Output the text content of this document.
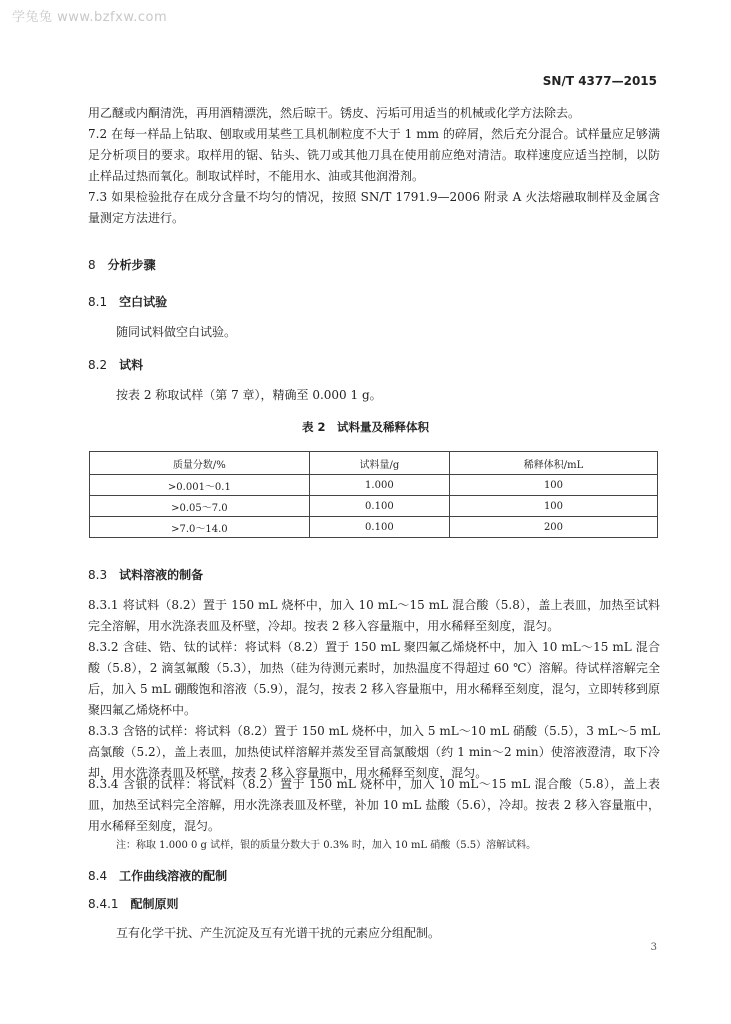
学兔兔 www.bzfxw.com
SN/T 4377—2015

用乙醚或内酮清洗，再用酒精漂洗，然后晾干。锈皮、污垢可用适当的机械或化学方法除去。

7.2 在每一样品上钻取、刨取或用某些工具机制粒度不大于 1 mm 的碎屑，然后充分混合。试样量应足够满足分析项目的要求。取样用的锯、钻头、铣刀或其他刀具在使用前应绝对清洁。取样速度应适当控制，以防止样品过热而氧化。制取试样时，不能用水、油或其他润滑剂。

7.3 如果检验批存在成分含量不均匀的情况，按照 SN/T 1791.9—2006 附录 A 火法熔融取制样及金属含量测定方法进行。

8 分析步骤
8.1 空白试验
随同试料做空白试验。
8.2 试料
按表 2 称取试样（第 7 章），精确至 0.000 1 g。
表 2　试料量及稀释体积
质量分数/%	试料量/g	稀释体积/mL
>0.001～0.1	1.000	100
>0.05～7.0	0.100	100
>7.0～14.0	0.100	200
8.3 试料溶液的制备

8.3.1 将试料（8.2）置于 150 mL 烧杯中，加入 10 mL～15 mL 混合酸（5.8），盖上表皿，加热至试料完全溶解，用水洗涤表皿及杯壁，冷却。按表 2 移入容量瓶中，用水稀释至刻度，混匀。

8.3.2 含硅、锆、钛的试样：将试料（8.2）置于 150 mL 聚四氟乙烯烧杯中，加入 10 mL～15 mL 混合酸（5.8），2 滴氢氟酸（5.3），加热（硅为待测元素时，加热温度不得超过 60 ℃）溶解。待试样溶解完全后，加入 5 mL 硼酸饱和溶液（5.9），混匀，按表 2 移入容量瓶中，用水稀释至刻度，混匀，立即转移到原聚四氟乙烯烧杯中。

8.3.3 含铬的试样：将试料（8.2）置于 150 mL 烧杯中，加入 5 mL～10 mL 硝酸（5.5），3 mL～5 mL 高氯酸（5.2），盖上表皿，加热使试样溶解并蒸发至冒高氯酸烟（约 1 min～2 min）使溶液澄清，取下冷却，用水洗涤表皿及杯壁，按表 2 移入容量瓶中，用水稀释至刻度，混匀。

8.3.4 含银的试样：将试料（8.2）置于 150 mL 烧杯中，加入 10 mL～15 mL 混合酸（5.8），盖上表皿，加热至试料完全溶解，用水洗涤表皿及杯壁，补加 10 mL 盐酸（5.6），冷却。按表 2 移入容量瓶中，用水稀释至刻度，混匀。

注：称取 1.000 0 g 试样，银的质量分数大于 0.3% 时，加入 10 mL 硝酸（5.5）溶解试料。
8.4 工作曲线溶液的配制
8.4.1 配制原则
互有化学干扰、产生沉淀及互有光谱干扰的元素应分组配制。
3
